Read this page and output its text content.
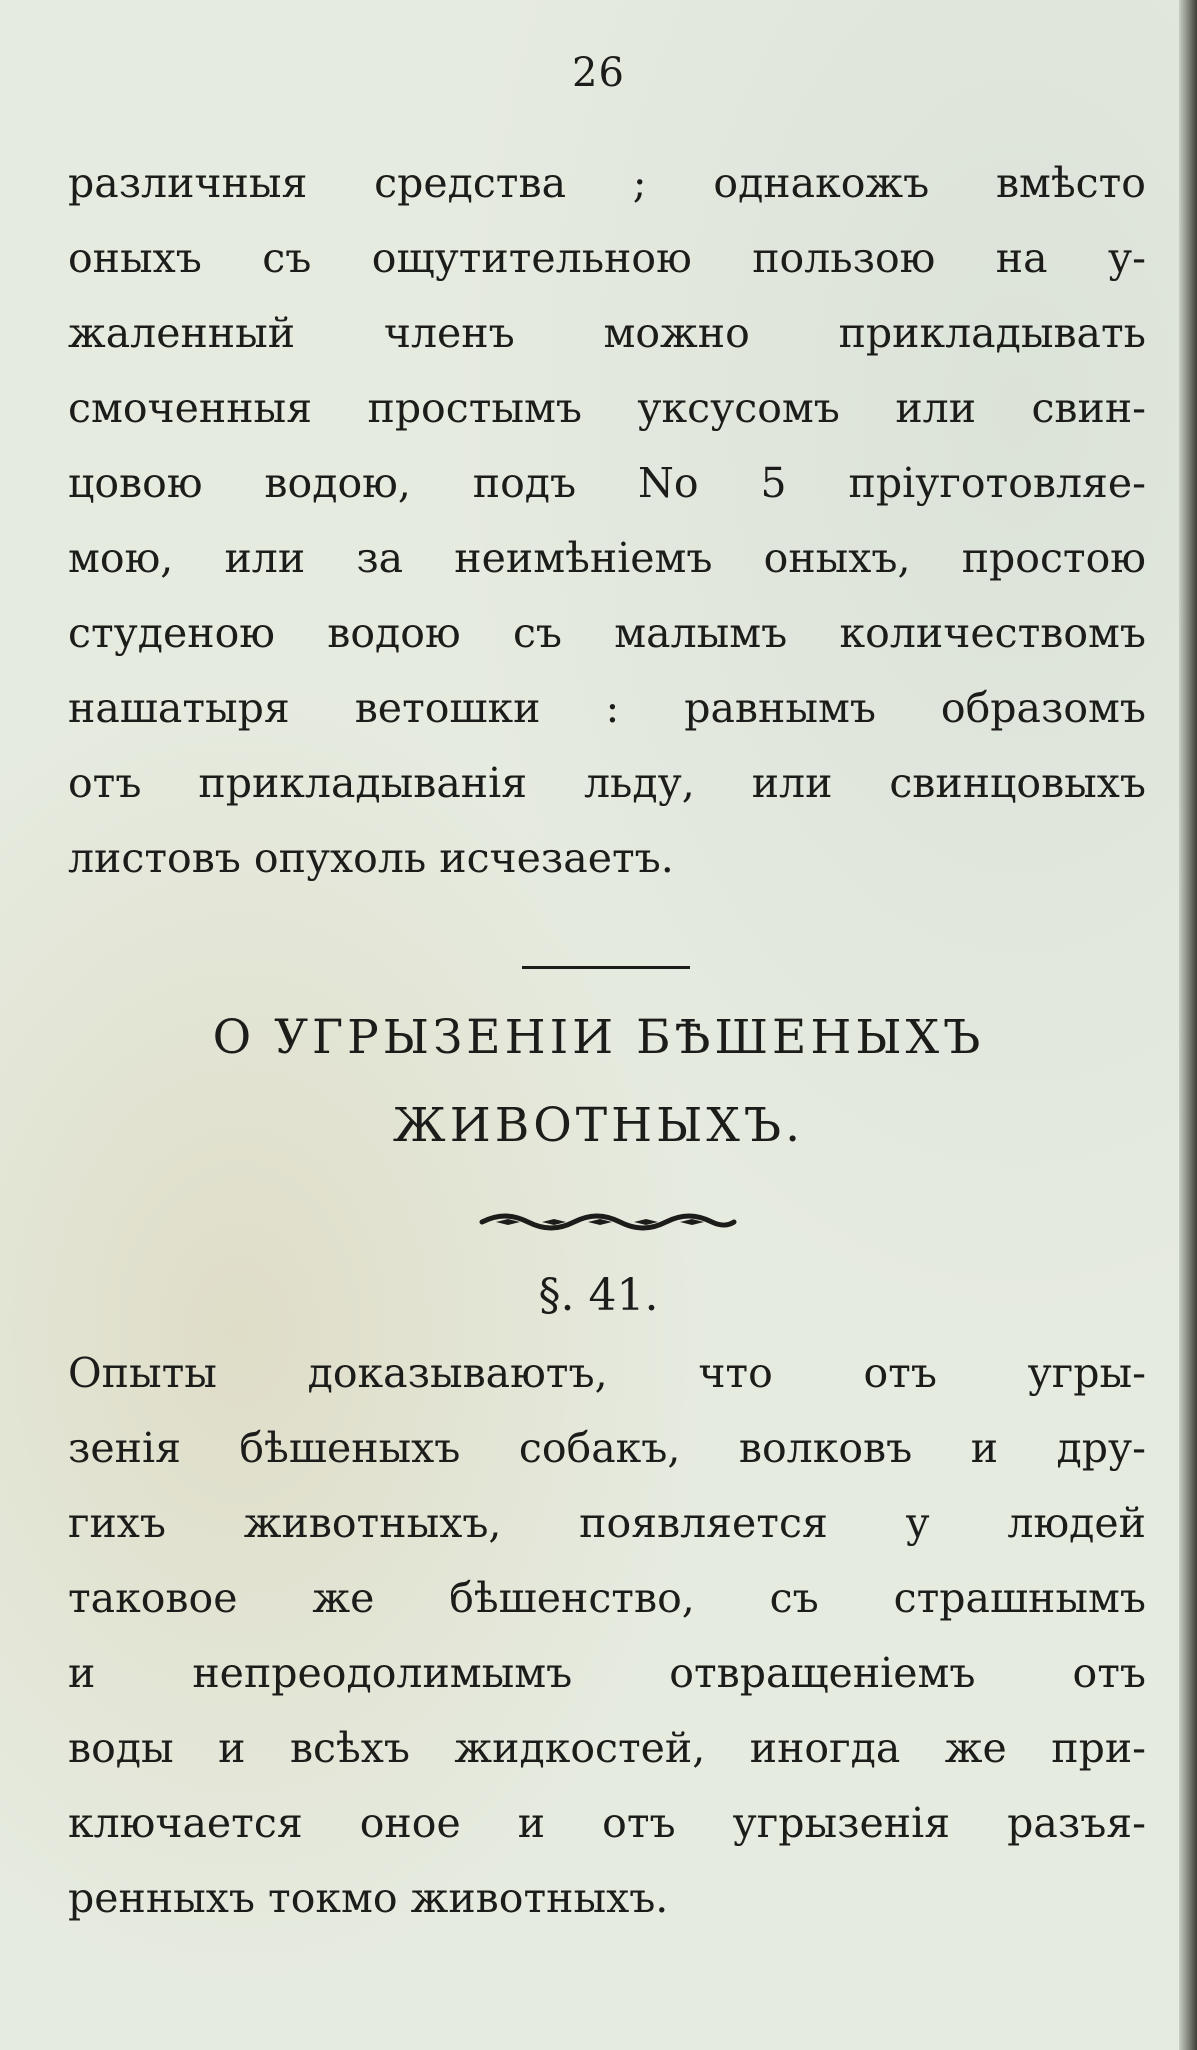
26
различныя средства ; однакожъ вмѣсто
оныхъ съ ощутительною пользою на у-
жаленный членъ можно прикладывать
смоченныя простымъ уксусомъ или свин-
цовою водою, подъ No 5 пріуготовляе-
мою, или за неимѣніемъ оныхъ, простою
студеною водою съ малымъ количествомъ
нашатыря ветошки : равнымъ образомъ
отъ прикладыванія льду, или свинцовыхъ
листовъ опухоль исчезаетъ.
О УГРЫЗЕНІИ БѢШЕНЫХЪ
ЖИВОТНЫХЪ.
§. 41.
Опыты доказываютъ, что отъ угры-
зенія бѣшеныхъ собакъ, волковъ и дру-
гихъ животныхъ, появляется у людей
таковое же бѣшенство, съ страшнымъ
и непреодолимымъ отвращеніемъ отъ
воды и всѣхъ жидкостей, иногда же при-
ключается оное и отъ угрызенія разъя-
ренныхъ токмо животныхъ.
